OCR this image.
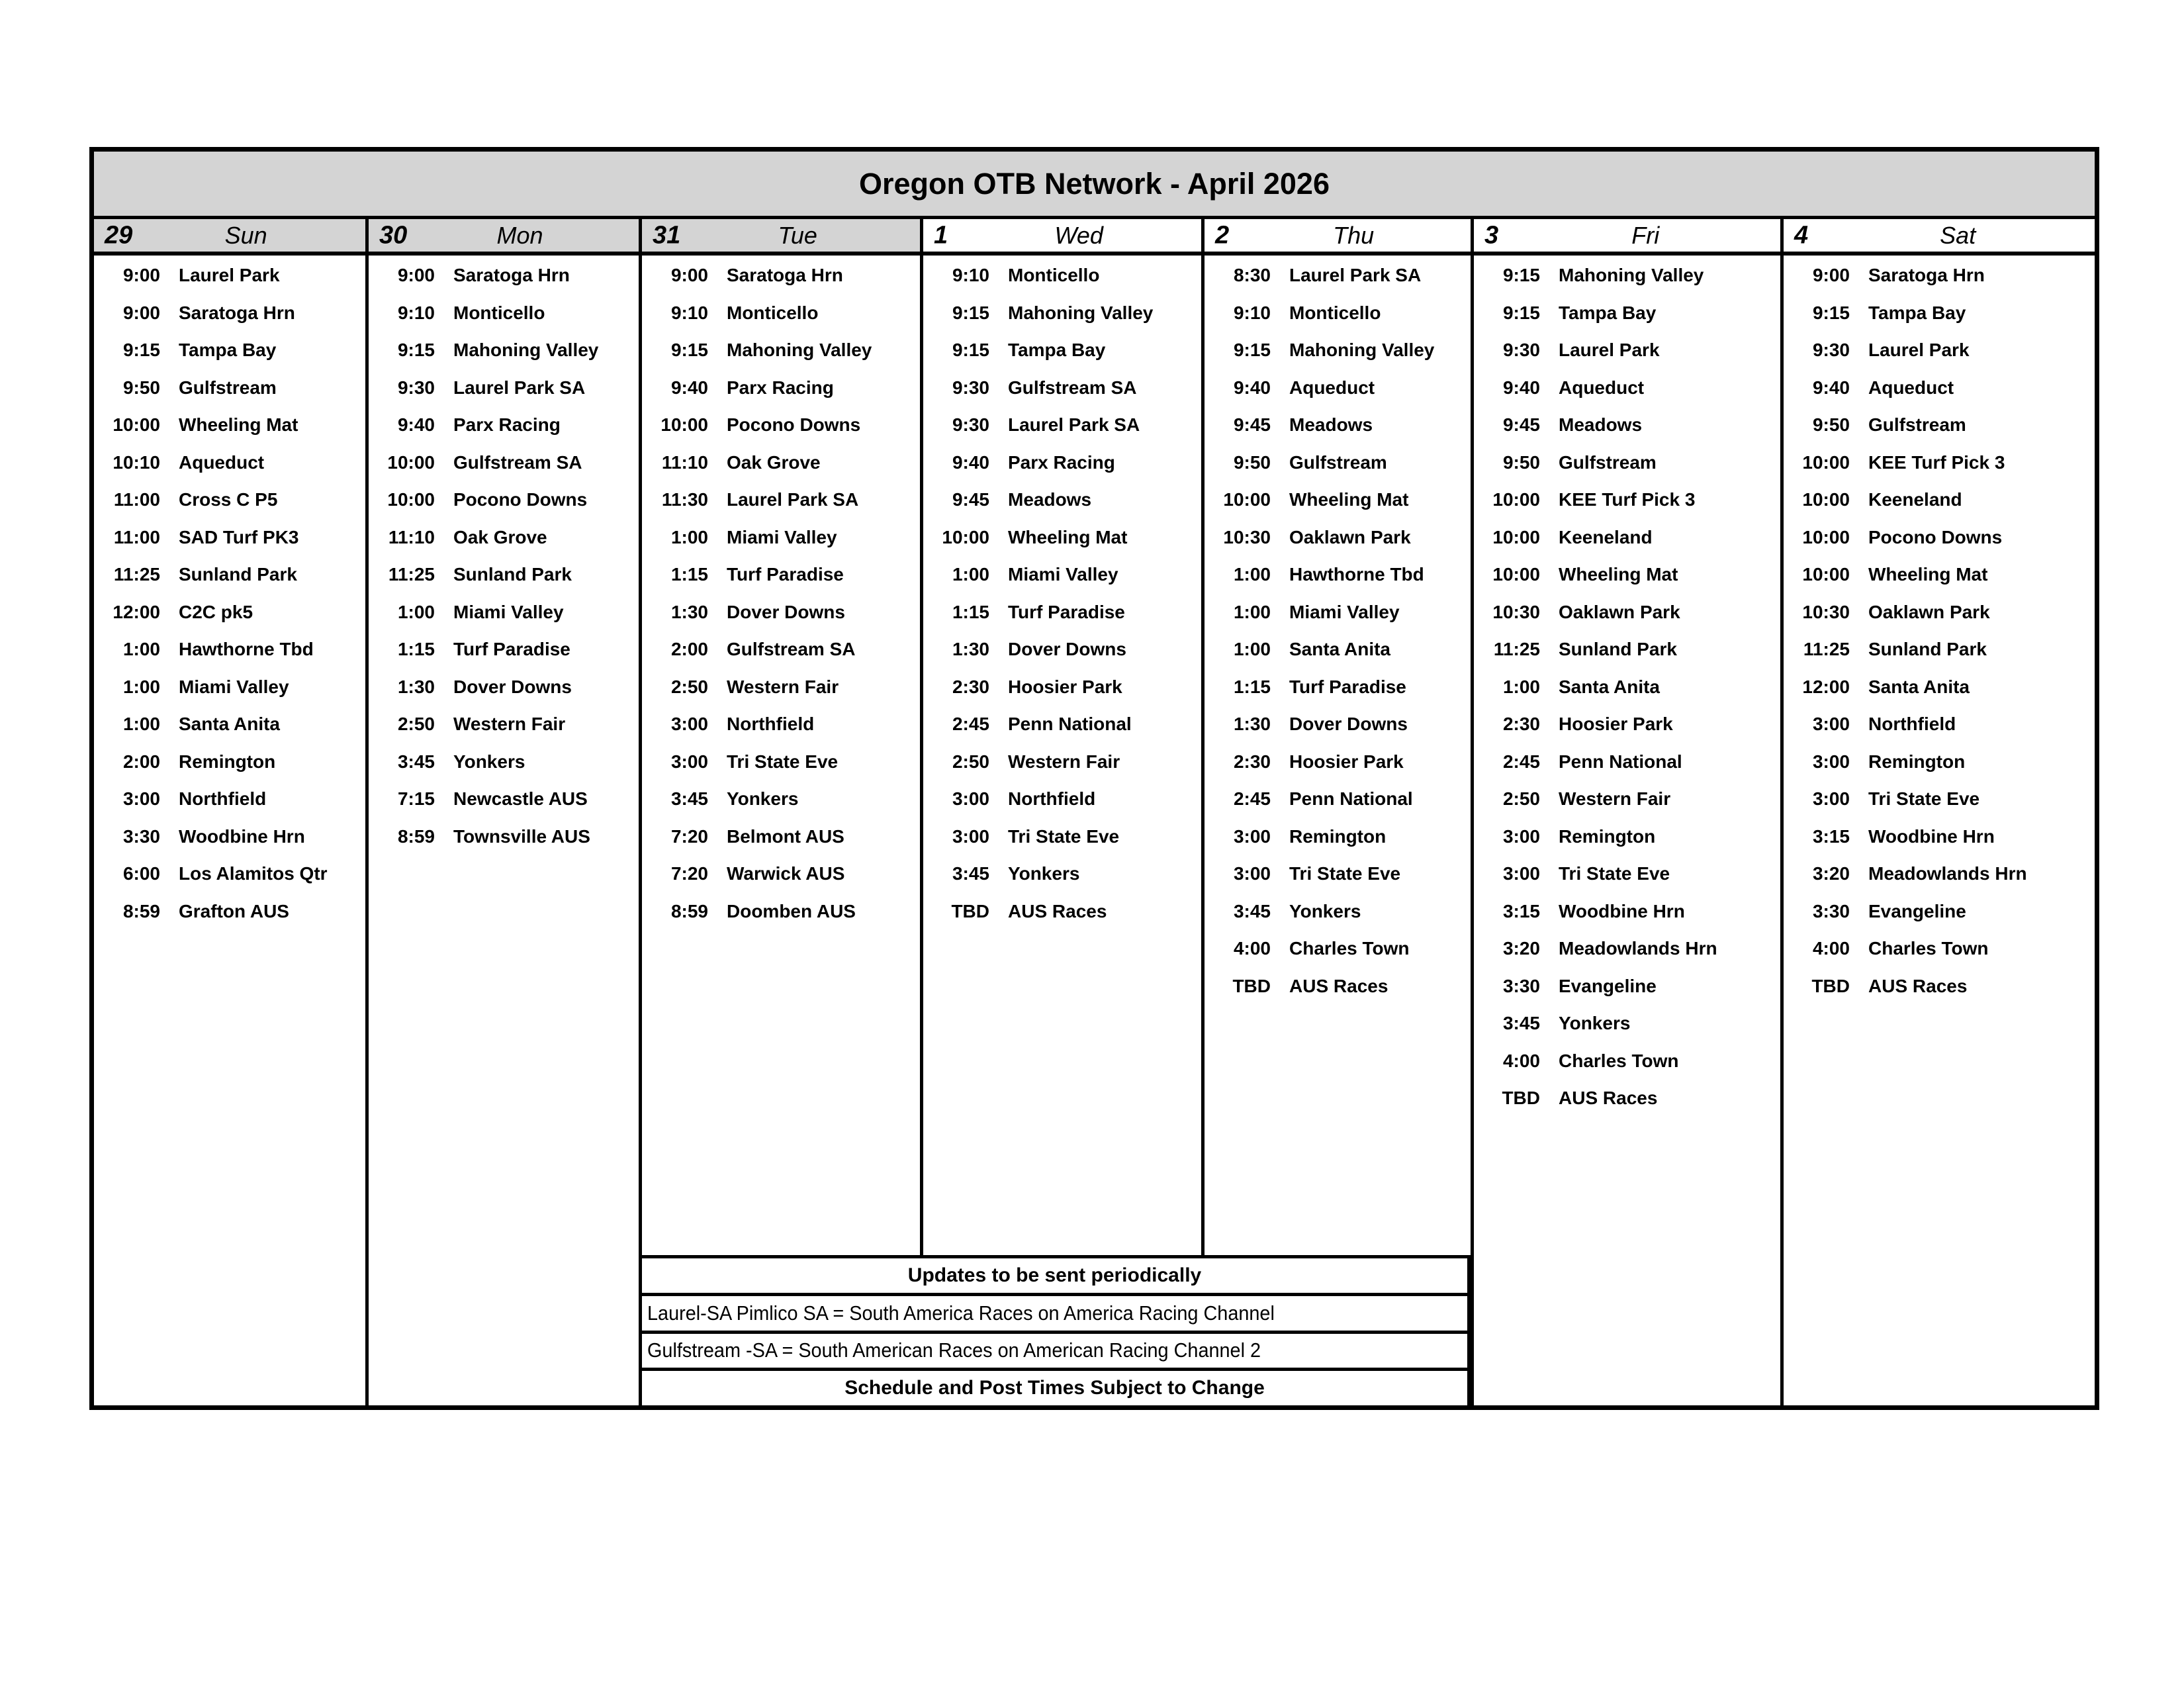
Oregon OTB Network - April 2026
29	Sun
9:00 Laurel Park
9:00 Saratoga Hrn
9:15 Tampa Bay
9:50 Gulfstream
10:00 Wheeling Mat
10:10 Aqueduct
11:00 Cross C P5
11:00 SAD Turf PK3
11:25 Sunland Park
12:00 C2C pk5
1:00 Hawthorne Tbd
1:00 Miami Valley
1:00 Santa Anita
2:00 Remington
3:00 Northfield
3:30 Woodbine Hrn
6:00 Los Alamitos Qtr
8:59 Grafton AUS
30	Mon
9:00 Saratoga Hrn
9:10 Monticello
9:15 Mahoning Valley
9:30 Laurel Park SA
9:40 Parx Racing
10:00 Gulfstream SA
10:00 Pocono Downs
11:10 Oak Grove
11:25 Sunland Park
1:00 Miami Valley
1:15 Turf Paradise
1:30 Dover Downs
2:50 Western Fair
3:45 Yonkers
7:15 Newcastle AUS
8:59 Townsville AUS
31	Tue
9:00 Saratoga Hrn
9:10 Monticello
9:15 Mahoning Valley
9:40 Parx Racing
10:00 Pocono Downs
11:10 Oak Grove
11:30 Laurel Park SA
1:00 Miami Valley
1:15 Turf Paradise
1:30 Dover Downs
2:00 Gulfstream SA
2:50 Western Fair
3:00 Northfield
3:00 Tri State Eve
3:45 Yonkers
7:20 Belmont AUS
7:20 Warwick AUS
8:59 Doomben AUS
1	Wed
9:10 Monticello
9:15 Mahoning Valley
9:15 Tampa Bay
9:30 Gulfstream SA
9:30 Laurel Park SA
9:40 Parx Racing
9:45 Meadows
10:00 Wheeling Mat
1:00 Miami Valley
1:15 Turf Paradise
1:30 Dover Downs
2:30 Hoosier Park
2:45 Penn National
2:50 Western Fair
3:00 Northfield
3:00 Tri State Eve
3:45 Yonkers
TBD AUS Races
2	Thu
8:30 Laurel Park SA
9:10 Monticello
9:15 Mahoning Valley
9:40 Aqueduct
9:45 Meadows
9:50 Gulfstream
10:00 Wheeling Mat
10:30 Oaklawn Park
1:00 Hawthorne Tbd
1:00 Miami Valley
1:00 Santa Anita
1:15 Turf Paradise
1:30 Dover Downs
2:30 Hoosier Park
2:45 Penn National
3:00 Remington
3:00 Tri State Eve
3:45 Yonkers
4:00 Charles Town
TBD AUS Races
3	Fri
9:15 Mahoning Valley
9:15 Tampa Bay
9:30 Laurel Park
9:40 Aqueduct
9:45 Meadows
9:50 Gulfstream
10:00 KEE Turf Pick 3
10:00 Keeneland
10:00 Wheeling Mat
10:30 Oaklawn Park
11:25 Sunland Park
1:00 Santa Anita
2:30 Hoosier Park
2:45 Penn National
2:50 Western Fair
3:00 Remington
3:00 Tri State Eve
3:15 Woodbine Hrn
3:20 Meadowlands Hrn
3:30 Evangeline
3:45 Yonkers
4:00 Charles Town
TBD AUS Races
4	Sat
9:00 Saratoga Hrn
9:15 Tampa Bay
9:30 Laurel Park
9:40 Aqueduct
9:50 Gulfstream
10:00 KEE Turf Pick 3
10:00 Keeneland
10:00 Pocono Downs
10:00 Wheeling Mat
10:30 Oaklawn Park
11:25 Sunland Park
12:00 Santa Anita
3:00 Northfield
3:00 Remington
3:00 Tri State Eve
3:15 Woodbine Hrn
3:20 Meadowlands Hrn
3:30 Evangeline
4:00 Charles Town
TBD AUS Races
Updates to be sent periodically
Laurel-SA Pimlico SA = South America Races on America Racing Channel
Gulfstream -SA = South American Races on American Racing Channel 2
Schedule and Post Times Subject to Change
